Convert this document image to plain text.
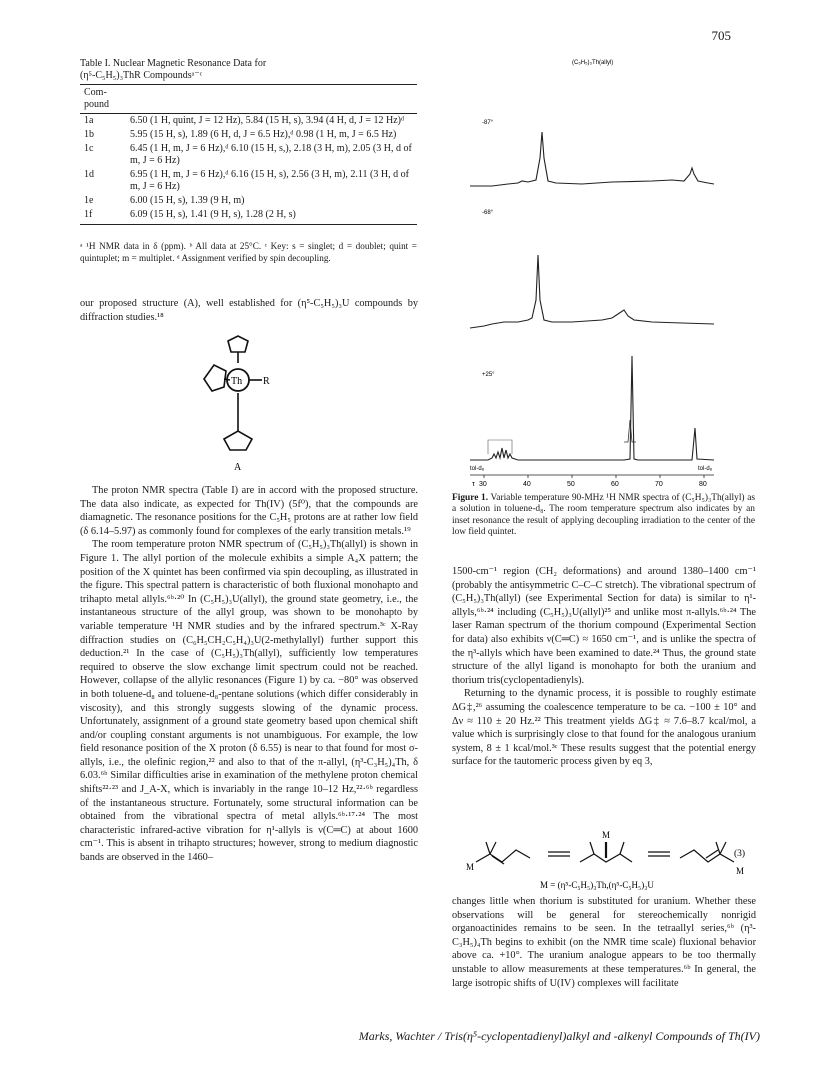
705
Table I. Nuclear Magnetic Resonance Data for
(η⁵-C₅H₅)₃ThR Compoundsᵃ⁻ᶜ
Com-
pound	
1a	6.50 (1 H, quint, J = 12 Hz), 5.84 (15 H, s), 3.94 (4 H, d, J = 12 Hz)ᵈ
1b	5.95 (15 H, s), 1.89 (6 H, d, J = 6.5 Hz),ᵈ 0.98 (1 H, m, J = 6.5 Hz)
1c	6.45 (1 H, m, J = 6 Hz),ᵈ 6.10 (15 H, s,), 2.18 (3 H, m), 2.05 (3 H, d of m, J = 6 Hz)
1d	6.95 (1 H, m, J = 6 Hz),ᵈ 6.16 (15 H, s), 2.56 (3 H, m), 2.11 (3 H, d of m, J = 6 Hz)
1e	6.00 (15 H, s), 1.39 (9 H, m)
1f	6.09 (15 H, s), 1.41 (9 H, s), 1.28 (2 H, s)
ᵃ ¹H NMR data in δ (ppm). ᵇ All data at 25°C. ᶜ Key: s = singlet; d = doublet; quint = quintuplet; m = multiplet. ᵈ Assignment verified by spin decoupling.

our proposed structure (A), well established for (η⁵-C₅H₅)₃U compounds by diffraction studies.¹⁸

Th R
A

The proton NMR spectra (Table I) are in accord with the proposed structure. The data also indicate, as expected for Th(IV) (5f⁰), that the compounds are diamagnetic. The resonance positions for the C₅H₅ protons are at rather low field (δ 6.14–5.97) as commonly found for complexes of the early transition metals.¹⁹

The room temperature proton NMR spectrum of (C₅H₅)₃Th(allyl) is shown in Figure 1. The allyl portion of the molecule exhibits a simple A₄X pattern; the position of the X quintet has been confirmed via spin decoupling, as illustrated in the figure. This spectral pattern is characteristic of both fluxional monohapto and trihapto metal allyls.⁶ᵇ·²⁰ In (C₅H₅)₃U(allyl), the ground state geometry, i.e., the instantaneous structure of the allyl group, was shown to be monohapto by variable temperature ¹H NMR studies and by the infrared spectrum.³ᶜ X-Ray diffraction studies on (C₆H₅CH₂C₅H₄)₃U(2-methylallyl) further support this deduction.²¹ In the case of (C₅H₅)₃Th(allyl), sufficiently low temperatures required to observe the slow exchange limit spectrum could not be reached. However, collapse of the allylic resonances (Figure 1) by ca. −80° was observed in both toluene-d₈ and toluene-d₈-pentane solutions (which differ considerably in viscosity), and this strongly suggests slowing of the dynamic process. Unfortunately, assignment of a ground state geometry based upon chemical shift and/or coupling constant arguments is not unambiguous. For example, the low field resonance position of the X proton (δ 6.55) is near to that found for most σ-allyls, i.e., the olefinic region,²² and also to that of the π-allyl, (η³-C₃H₅)₄Th, δ 6.03.⁶ᵇ Similar difficulties arise in examination of the methylene proton chemical shifts²²·²³ and J_A-X, which is invariably in the range 10–12 Hz,²²·⁶ᵇ regardless of the instantaneous structure. Fortunately, some structural information can be obtained from the vibrational spectra of metal allyls.⁶ᵇ·¹⁷·²⁴ The most characteristic infrared-active vibration for η¹-allyls is ν(C═C) at about 1600 cm⁻¹. This is absent in trihapto structures; however, strong to medium diagnostic bands are observed in the 1460–

(C₅H₅)₃Th(allyl)
-87°
-68°
+25°
tol-d₈	tol-d₈
30	40	50	60	70	80
τ
Figure 1. Variable temperature 90-MHz ¹H NMR spectra of (C₅H₅)₃Th(allyl) as a solution in toluene-d₈. The room temperature spectrum also indicates by an inset resonance the result of applying decoupling irradiation to the center of the low field quintet.

1500-cm⁻¹ region (CH₂ deformations) and around 1380–1400 cm⁻¹ (probably the antisymmetric C–C–C stretch). The vibrational spectrum of (C₅H₅)₃Th(allyl) (see Experimental Section for data) is similar to η¹-allyls,⁶ᵇ·²⁴ including (C₅H₅)₃U(allyl)²⁵ and unlike most π-allyls.⁶ᵇ·²⁴ The laser Raman spectrum of the thorium compound (Experimental Section for data) also exhibits ν(C═C) ≈ 1650 cm⁻¹, and is unlike the spectra of the η³-allyls which have been examined to date.²⁴ Thus, the ground state structure of the allyl ligand is monohapto for both the uranium and thorium tris(cyclopentadienyls).

Returning to the dynamic process, it is possible to roughly estimate ΔG‡,²⁶ assuming the coalescence temperature to be ca. −100 ± 10° and Δν ≈ 110 ± 20 Hz.²² This treatment yields ΔG‡ ≈ 7.6–8.7 kcal/mol, a value which is surprisingly close to that found for the analogous uranium system, 8 ± 1 kcal/mol.³ᶜ These results suggest that the potential energy surface for the tautomeric process given by eq 3,

M
M
M
(3)
M = (η⁵-C₅H₅)₃Th,(η⁵-C₅H₅)₃U

changes little when thorium is substituted for uranium. Whether these observations will be general for stereochemically nonrigid organoactinides remains to be seen. In the tetraallyl series,⁶ᵇ (η³-C₃H₅)₄Th begins to exhibit (on the NMR time scale) fluxional behavior above ca. +10°. The uranium analogue appears to be too thermally unstable to allow measurements at these temperatures.⁶ᵇ In general, the large isotropic shifts of U(IV) complexes will facilitate

Marks, Wachter / Tris(η⁵-cyclopentadienyl)alkyl and -alkenyl Compounds of Th(IV)
